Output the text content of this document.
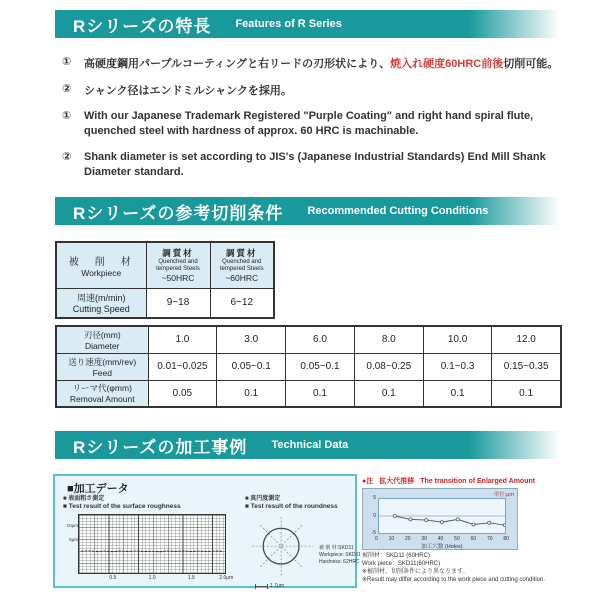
Rシリーズの特長 Features of R Series
①	高硬度鋼用パープルコーティングと右リードの刃形状により、焼入れ硬度60HRC前後切削可能。
②	シャンク径はエンドミルシャンクを採用。
①	With our Japanese Trademark Registered "Purple Coating" and right hand spiral flute, quenched steel with hardness of approx. 60 HRC is machinable.
②	Shank diameter is set according to JIS's (Japanese Industrial Standards) End Mill Shank Diameter standard.
Rシリーズの参考切削条件 Recommended Cutting Conditions
被　削　材
Workpiece	調質材
Quenched and
tempered Steels
~50HRC	調質材
Quenched and
tempered Steels
~60HRC

周速(m/min)
Cutting Speed	9~18	6~12
刃径(mm)
Diameter	1.0	3.0	6.0	8.0	10.0	12.0

送り速度(mm/rev)
Feed	0.01~0.025	0.05~0.1	0.05~0.1	0.08~0.25	0.1~0.3	0.15~0.35

リーマ代(φmm)
Removal Amount	0.05	0.1	0.1	0.1	0.1	0.1
Rシリーズの加工事例 Technical Data
■加工データ
■ 表面粗さ測定
■ Test result of the surface roughness
10μm
5μm
0.5	1.0	1.5	2.0μm
■ 真円度測定
■ Test result of the roundness
被 削 材:SKD11
Workpiece: SKD11
Hardness: 62HRC
1.7μm
●注 拡大代推移 The transition of Enlarged Amount
単位:μm
5
0
-5
0 10 20 30 40 50 60 70 80
加工穴数 (Holes)
被削材：SKD11 (60HRC)
Work piece：SKD11(60HRC)
※被削材、切削条件により異なります。
※Result may differ according to the work piece and cutting condition.
